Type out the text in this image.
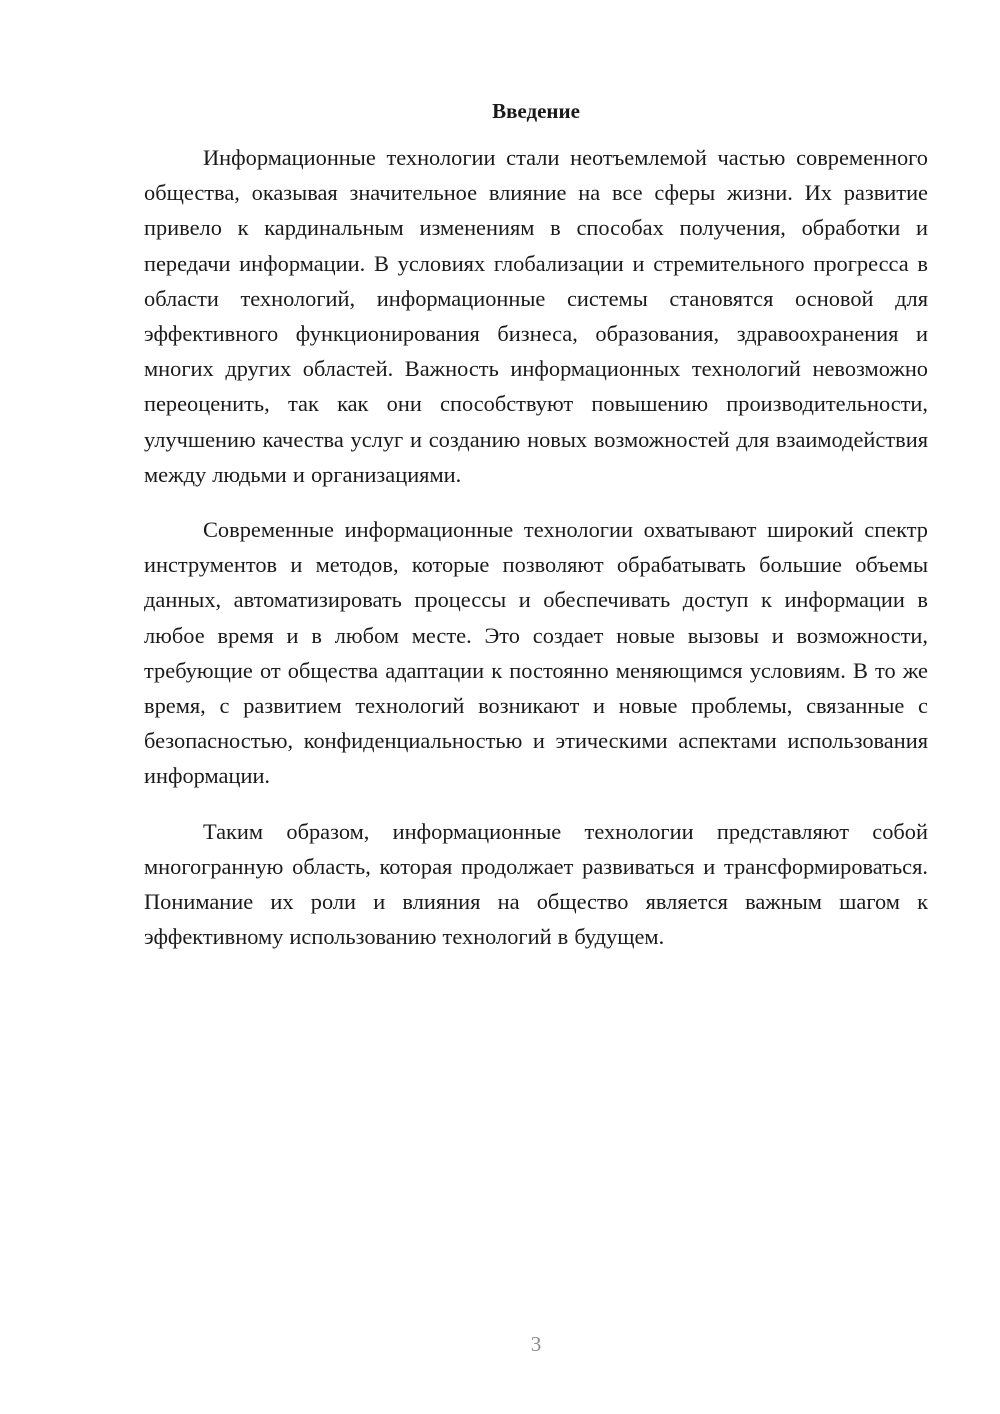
Введение

Информационные технологии стали неотъемлемой частью современного общества, оказывая значительное влияние на все сферы жизни. Их развитие привело к кардинальным изменениям в способах получения, обработки и передачи информации. В условиях глобализации и стремительного прогресса в области технологий, информационные системы становятся основой для эффективного функционирования бизнеса, образования, здравоохранения и многих других областей. Важность информационных технологий невозможно переоценить, так как они способствуют повышению производительности, улучшению качества услуг и созданию новых возможностей для взаимодействия между людьми и организациями.

Современные информационные технологии охватывают широкий спектр инструментов и методов, которые позволяют обрабатывать большие объемы данных, автоматизировать процессы и обеспечивать доступ к информации в любое время и в любом месте. Это создает новые вызовы и возможности, требующие от общества адаптации к постоянно меняющимся условиям. В то же время, с развитием технологий возникают и новые проблемы, связанные с безопасностью, конфиденциальностью и этическими аспектами использования информации.

Таким образом, информационные технологии представляют собой многогранную область, которая продолжает развиваться и трансформироваться. Понимание их роли и влияния на общество является важным шагом к эффективному использованию технологий в будущем.

3
